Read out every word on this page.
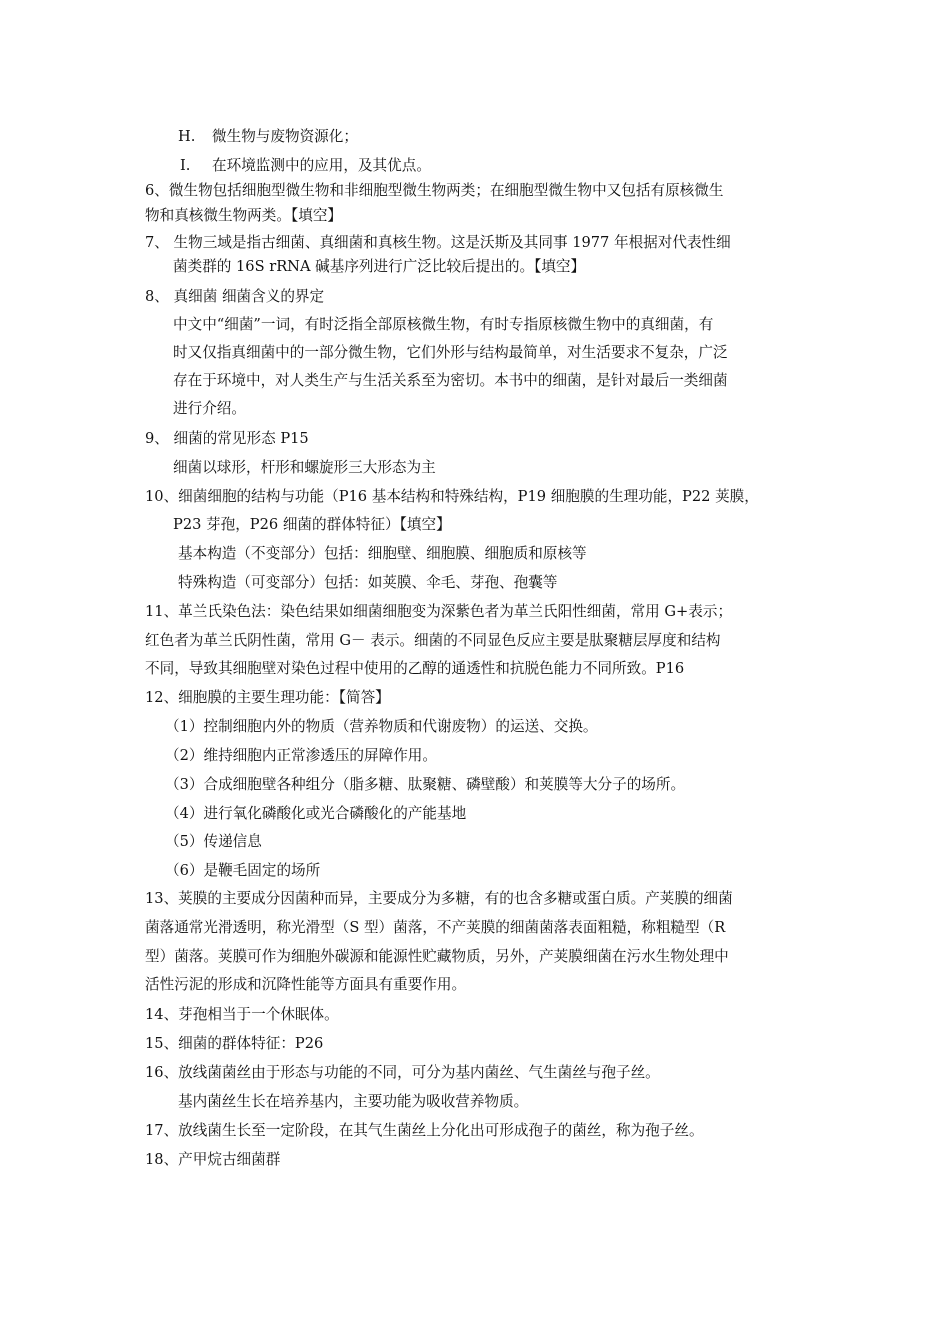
H. 微生物与废物资源化；
I. 在环境监测中的应用，及其优点。
6、微生物包括细胞型微生物和非细胞型微生物两类；在细胞型微生物中又包括有原核微生
物和真核微生物两类。【填空】
7、 生物三域是指古细菌、真细菌和真核生物。这是沃斯及其同事 1977 年根据对代表性细
菌类群的 16S rRNA 碱基序列进行广泛比较后提出的。【填空】
8、 真细菌 细菌含义的界定
中文中“细菌”一词，有时泛指全部原核微生物，有时专指原核微生物中的真细菌，有
时又仅指真细菌中的一部分微生物，它们外形与结构最简单，对生活要求不复杂，广泛
存在于环境中，对人类生产与生活关系至为密切。本书中的细菌，是针对最后一类细菌
进行介绍。
9、 细菌的常见形态 P15
细菌以球形，杆形和螺旋形三大形态为主
10、细菌细胞的结构与功能（P16 基本结构和特殊结构，P19 细胞膜的生理功能，P22 荚膜，
P23 芽孢，P26 细菌的群体特征）【填空】
基本构造（不变部分）包括：细胞壁、细胞膜、细胞质和原核等
特殊构造（可变部分）包括：如荚膜、伞毛、芽孢、孢囊等
11、革兰氏染色法：染色结果如细菌细胞变为深紫色者为革兰氏阳性细菌，常用 G+表示；
红色者为革兰氏阴性菌，常用 G－ 表示。细菌的不同显色反应主要是肽聚糖层厚度和结构
不同，导致其细胞壁对染色过程中使用的乙醇的通透性和抗脱色能力不同所致。P16
12、细胞膜的主要生理功能：【简答】
（1）控制细胞内外的物质（营养物质和代谢废物）的运送、交换。
（2）维持细胞内正常渗透压的屏障作用。
（3）合成细胞壁各种组分（脂多糖、肽聚糖、磷壁酸）和荚膜等大分子的场所。
（4）进行氧化磷酸化或光合磷酸化的产能基地
（5）传递信息
（6）是鞭毛固定的场所
13、荚膜的主要成分因菌种而异，主要成分为多糖，有的也含多糖或蛋白质。产荚膜的细菌
菌落通常光滑透明，称光滑型（S 型）菌落，不产荚膜的细菌菌落表面粗糙，称粗糙型（R
型）菌落。荚膜可作为细胞外碳源和能源性贮藏物质，另外，产荚膜细菌在污水生物处理中
活性污泥的形成和沉降性能等方面具有重要作用。
14、芽孢相当于一个休眠体。
15、细菌的群体特征：P26
16、放线菌菌丝由于形态与功能的不同，可分为基内菌丝、气生菌丝与孢子丝。
基内菌丝生长在培养基内，主要功能为吸收营养物质。
17、放线菌生长至一定阶段，在其气生菌丝上分化出可形成孢子的菌丝，称为孢子丝。
18、产甲烷古细菌群
